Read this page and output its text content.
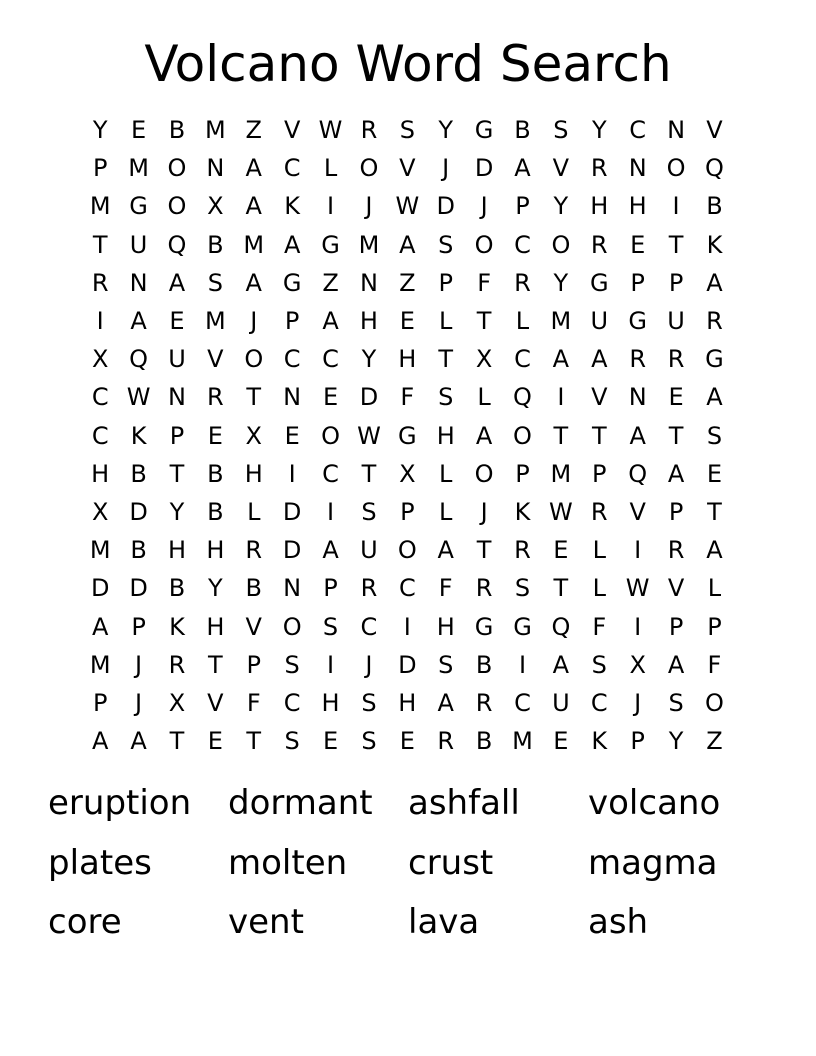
Volcano Word Search
Y E B M Z V W R S Y G B S Y C N V
P M O N A C L O V	J	D A V R N O Q
M G O X A K	I	J W D	J	P Y H H	I	B
T U Q B M A G M A S O C O R E T K
R N A S A G Z N Z P	F R Y G P P A
I	A E M	J	P A H E	L	T	L M U G U R
X Q U V O C C Y H T X C A A R R G
C W N R T N E D F S	L Q	I	V N E A
C K P E X E O W G H A O T T A T S
H B T B H	I	C T X L O P M P Q A E
X D Y B L D	I	S P	L	J	K W R V P T
M B H H R D A U O A T R E	L	I	R A
D D B Y B N P R C F R S T	L W V L
A P K H V O S C	I	H G G Q F	I	P P
M	J	R T P S	I	J	D S B	I	A S X A F
P	J	X V F C H S H A R C U C	J	S O
A A T E T S E S E R B M E K P Y Z
eruption	dormant	ashfall	volcano
plates	molten	crust	magma
core	vent	lava	ash
